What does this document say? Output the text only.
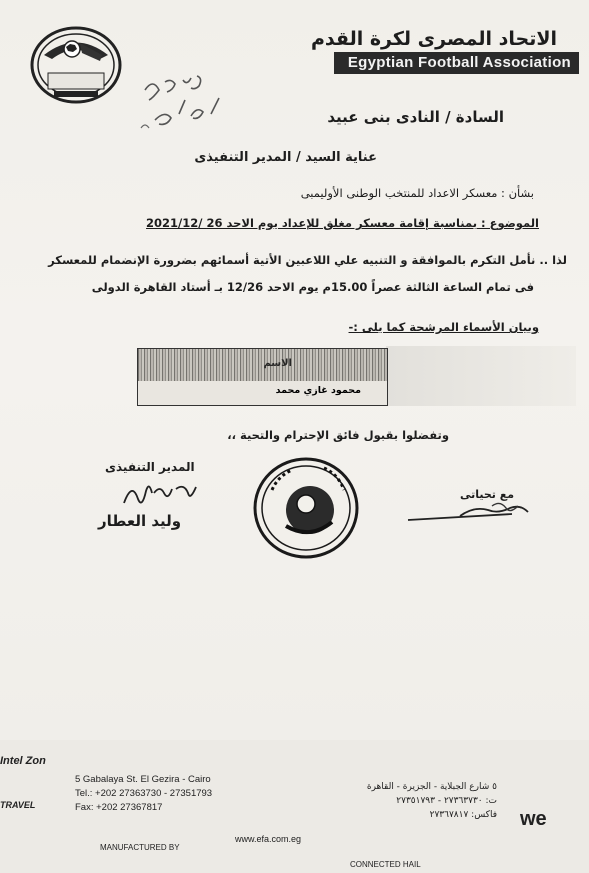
الاتحاد المصرى لكرة القدم
Egyptian Football Association
السادة / النادى بنى عبيد
عناية السيد / المدير التنفيذى
بشأن : معسكر الاعداد للمنتخب الوطنى الأوليمبى
الموضوع : بمناسبة إقامة معسكر مغلق للإعداد يوم الاحد 26 /2021/12
لذا .. نأمل التكرم بالموافقة و التنبيه علي اللاعبين الأتية أسمائهم بضرورة الإنضمام للمعسكر
فى تمام الساعة الثالثة عصراً 15.00م يوم الاحد 12/26 بـ أستاد القاهرة الدولى
وبيان الأسماء المرشحة كما يلى :-
الاسم
محمود غازي محمد
وتفضلوا بقبول فائق الإحترام والتحية ،،
المدير التنفيذى
وليد العطار
مع تحياتى
Intel Zon
TRAVEL
5 Gabalaya St. El Gezira - Cairo
Tel.: +202 27363730 - 27351793
Fax: +202 27367817
www.efa.com.eg
٥ شارع الجبلاية - الجزيرة - القاهرة
ت: ٢٧٣٦٣٧٣٠ - ٢٧٣٥١٧٩٣
فاكس: ٢٧٣٦٧٨١٧ we
MANUFACTURED BY
CONNECTED HAIL
